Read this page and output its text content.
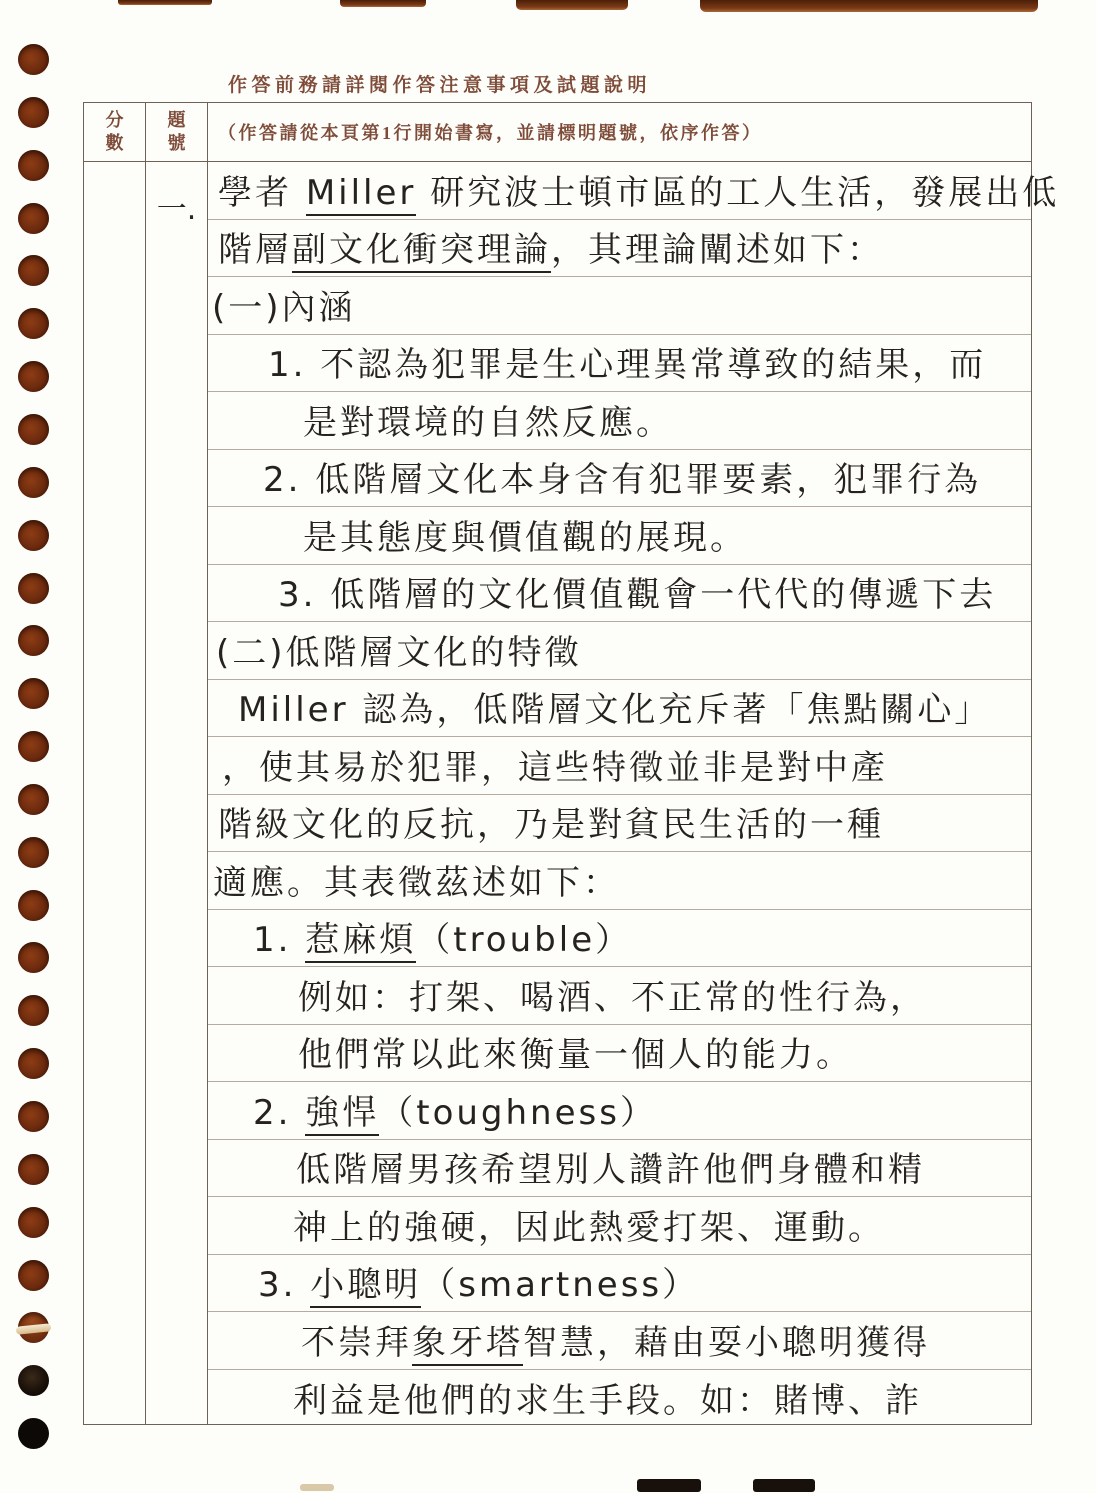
作答前務請詳閱作答注意事項及試題說明
分數
題號	（作答請從本頁第1行開始書寫，並請標明題號，依序作答）
一. 學者 Miller 研究波士頓市區的工人生活，發展出低
階層副文化衝突理論，其理論闡述如下：
(一)內涵
1. 不認為犯罪是生心理異常導致的結果，而
是對環境的自然反應。
2. 低階層文化本身含有犯罪要素，犯罪行為
是其態度與價值觀的展現。
3. 低階層的文化價值觀會一代代的傳遞下去
(二)低階層文化的特徵
Miller 認為，低階層文化充斥著「焦點關心」
，使其易於犯罪，這些特徵並非是對中產
階級文化的反抗，乃是對貧民生活的一種
適應。其表徵茲述如下：
1. 惹麻煩（trouble）
例如：打架、喝酒、不正常的性行為，
他們常以此來衡量一個人的能力。
2. 強悍（toughness）
低階層男孩希望別人讚許他們身體和精
神上的強硬，因此熱愛打架、運動。
3. 小聰明（smartness）
不崇拜象牙塔智慧，藉由耍小聰明獲得
利益是他們的求生手段。如：賭博、詐
